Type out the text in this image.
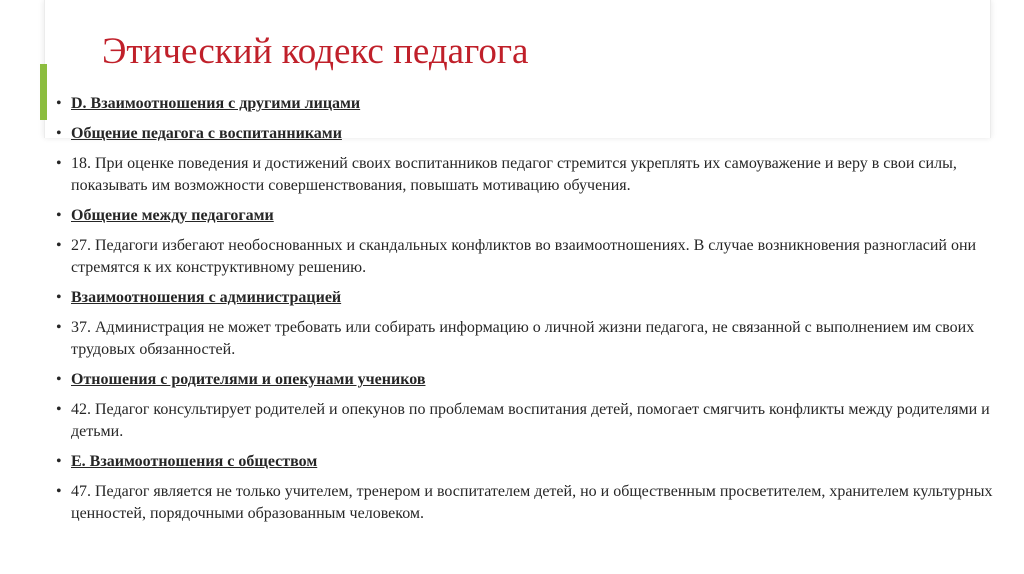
Этический кодекс педагога
• D. Взаимоотношения с другими лицами
• Общение педагога с воспитанниками
• 18. При оценке поведения и достижений своих воспитанников педагог стремится укреплять их самоуважение и веру в свои силы, показывать им возможности совершенствования, повышать мотивацию обучения.
• Общение между педагогами
• 27. Педагоги избегают необоснованных и скандальных конфликтов во взаимоотношениях. В случае возникновения разногласий они стремятся к их конструктивному решению.
• Взаимоотношения с администрацией
• 37. Администрация не может требовать или собирать информацию о личной жизни педагога, не связанной с выполнением им своих трудовых обязанностей.
• Отношения с родителями и опекунами учеников
• 42. Педагог консультирует родителей и опекунов по проблемам воспитания детей, помогает смягчить конфликты между родителями и детьми.
• E. Взаимоотношения с обществом
• 47. Педагог является не только учителем, тренером и воспитателем детей, но и общественным просветителем, хранителем культурных ценностей, порядочными образованным человеком.
